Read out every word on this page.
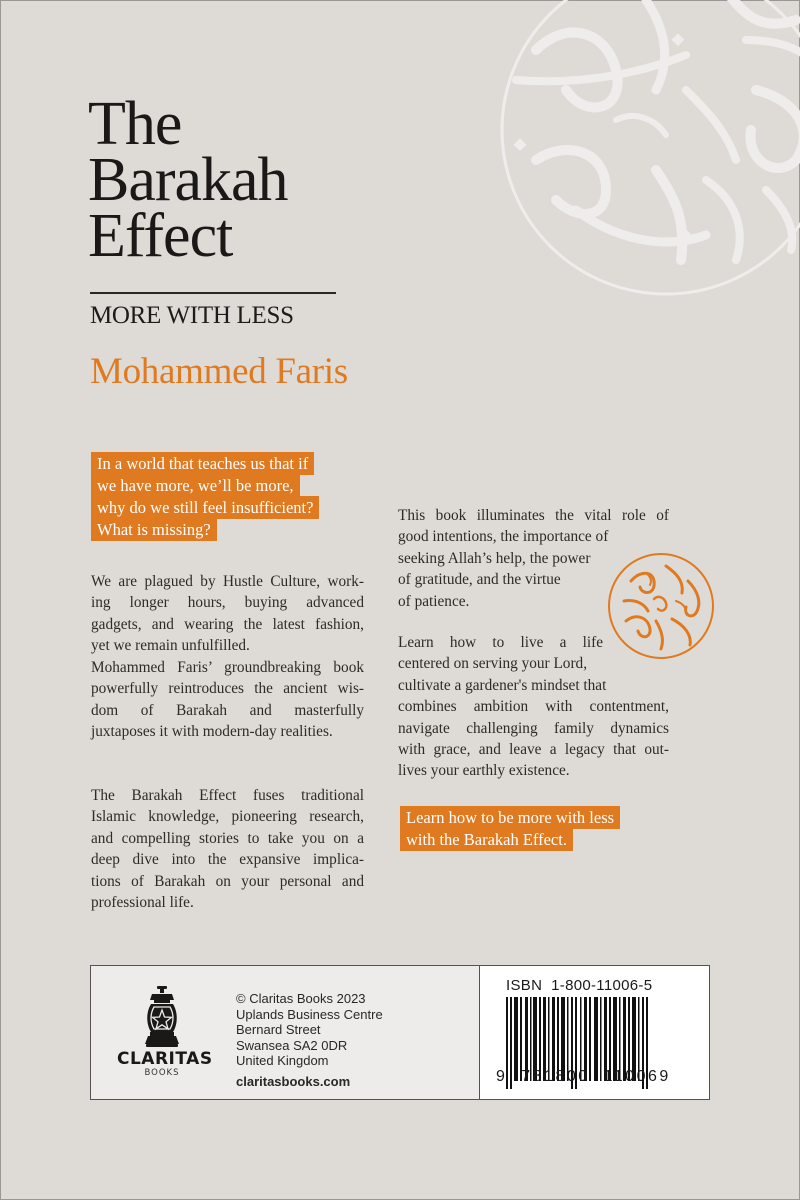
The
Barakah
Effect
MORE WITH LESS
Mohammed Faris
In a world that teaches us that if
we have more, we’ll be more,
why do we still feel insufficient?
What is missing?
We are plagued by Hustle Culture, work-
ing longer hours, buying advanced
gadgets, and wearing the latest fashion,
yet we remain unfulfilled.
Mohammed Faris’ groundbreaking book
powerfully reintroduces the ancient wis-
dom of Barakah and masterfully
juxtaposes it with modern-day realities.
The Barakah Effect fuses traditional
Islamic knowledge, pioneering research,
and compelling stories to take you on a
deep dive into the expansive implica-
tions of Barakah on your personal and
professional life.
This book illuminates the vital role of
good intentions, the importance of
seeking Allah’s help, the power
of gratitude, and the virtue
of patience.
Learn how to live a life
centered on serving your Lord,
cultivate a gardener's mindset that
combines ambition with contentment,
navigate challenging family dynamics
with grace, and leave a legacy that out-
lives your earthly existence.
Learn how to be more with less
with the Barakah Effect.
CLARITAS
BOOKS
© Claritas Books 2023
Uplands Business Centre
Bernard Street
Swansea SA2 0DR
United Kingdom
claritasbooks.com
ISBN  1-800-11006-5
9  781800  110069
